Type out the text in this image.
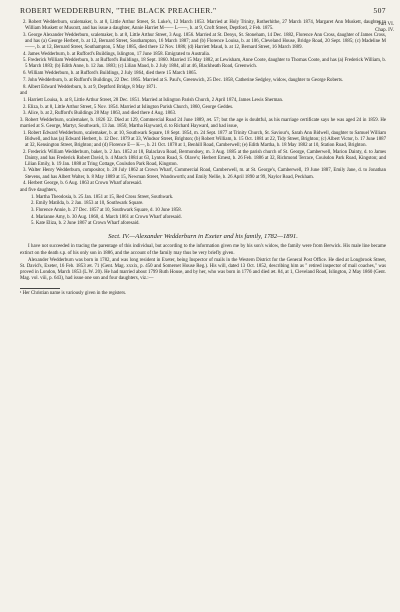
ROBERT WEDDERBURN, "THE BLACK PREACHER."	507
Part VI.
Chap. IV.

2. Robert Wedderburn, scalemaker, b. at 8, Little Arthur Street, St. Luke's, 12 March 1853. Married at Holy Trinity, Rotherhithe, 27 March 1874, Margaret Ann Muskett, daughter to William Muskett or Muscutt, and has issue a daughter, Annie Harriet M—— L——, b. at 9, Croft Street, Deptford, 2 Feb. 1875.

3. George Alexander Wedderburn, scalemaker, b. at 8, Little Arthur Street, 3 Aug. 1856. Married at St. Denys, St. Stoneham, 14 Dec. 1882, Florence Ann Cross, daughter of James Cross, and has (a) George Herbert, b. at 12, Bernard Street, Southampton, 16 March 1887; and (b) Florence Louisa, b. at 106, Cleveland House, Bridge Road, 20 Sept. 1885; (c) Madeline M——, b. at 12, Bernard Street, Southampton, 5 May 1885, died there 12 Nov. 1886; (d) Harriett Maud, b. at 12, Bernard Street, 16 March 1889.

4. James Wedderburn, b. at Rufford's Buildings, Islington, 17 June 1858. Emigrated to Australia.

5. Frederick William Wedderburn, b. at Rufford's Buildings, 18 Sept. 1860. Married 15 May 1882, at Lewisham, Anne Coote, daughter to Thomas Coote, and has (a) Frederick William, b. 5 March 1883; (b) Edith Anne, b. 12 Jan. 1883; (c) Lilian Maud, b. 2 July 1884, all at 46, Blackheath Road, Greenwich.

6. William Wedderburn, b. at Rufford's Buildings, 2 July 1864, died there 15 March 1865.

7. John Wedderburn, b. at Rufford's Buildings, 22 Dec. 1865. Married at S. Paul's, Greenwich, 25 Dec. 1858, Catherine Sedgley, widow, daughter to George Roberts.

8. Albert Edward Wedderburn, b. at 9, Deptford Bridge, 8 May 1871.

and

1. Harriett Louisa, b. at 8, Little Arthur Street, 28 Dec. 1851. Married at Islington Parish Church, 2 April 1874, James Lewis Sherman.

2. Eliza, b. at 8, Little Arthur Street, 5 Nov. 1854. Married at Islington Parish Church, 1860, George Geddes.

3. Alice, b. at 2, Rufford's Buildings 28 May 1863, and died there 4 Aug. 1863.

3. Robert Wedderburn, scalemaker, b. 1826 32. Died at 129, Commercial Road 24 June 1889, æt. 57; but the age is doubtful, as his marriage certificate says he was aged 24 in 1859. He married at S. George, Martyr, Southwark, 13 Jan. 1850, Martha Hayward, d. to Richard Hayward, and had issue,

1. Robert Edward Wedderburn, scalemaker, b. at 10, Southwark Square, 18 Sept. 1854, m. 24 Sept. 1877 at Trinity Church, St. Saviour's, Sarah Ann Bidwell, daughter to Samuel William Bidwell, and has (a) Edward Herbert, b. 12 Dec. 1879 at 33, Windsor Street, Brighton; (b) Robert William, b. 15 Oct. 1881 at 22, Tidy Street, Brighton; (c) Albert Victor, b. 17 June 1887 at 32, Kensington Street, Brighton; and (d) Florence E— K—, b. 21 Oct. 1878 at 1, Benhill Road, Camberwell; (e) Edith Martha, b. 18 May 1882 at 10, Station Road, Brighton.

2. Frederick William Wedderburn, baker, b. 2 Jan. 1852 at 18, Balaclava Road, Bermondsey, m. 3 Aug. 1885 at the parish church of St. George, Camberwell, Marion Dainty, d. to James Dainty, and has Frederick Robert David, b. 4 March 1884 at 63, Lynton Road, S. Olave's; Herbert Ernest, b. 26 Feb. 1886 at 32, Richmond Terrace, Coulsdon Park Road, Kingston; and Lilian Emily, b. 19 Jan. 1888 at Tring Cottage, Coulsdon Park Road, Kingston.

3. Walter Henry Wedderburn, compositor, b. 28 July 1862 at Crown Wharf, Commercial Road, Camberwell, m. at St. George's, Camberwell, 19 June 1887, Emily Jane, d. to Jonathan Stevens, and has Albert Walter, b. 8 May 1889 at 15, Newman Street, Wandsworth; and Emily Nellie, b. 26 April 1890 at 99, Naylor Road, Peckham.

4. Herbert George, b. 6 Aug. 1863 at Crown Wharf aforesaid.

and five daughters,

1. Martha Theodosia, b. 25 Jan. 1851 at 15, Red Cross Street, Southwark.

2. Emily Matilda, b. 2 Jan. 1853 at 10, Southwark Square.

3. Florence Annie, b. 27 Dec. 1857 at 10, Southwark Square, d. 10 June 1858.

4. Marianne Amy, b. 30 Aug. 1860, d. March 1861 at Crown Wharf aforesaid.

5. Kate Eliza, b. 2 June 1867 at Crown Wharf aforesaid.

Sect. IV.—Alexander Wedderburn in Exeter and his family, 1782—1891.

I have not succeeded in tracing the parentage of this individual, but according to the information given me by his son's widow, the family were from Berwick. His male line became extinct on the death s.p. of his only son in 1886, and the account of the family may thus be very briefly given.

Alexander Wedderburn was born in 1782, and was long resident in Exeter, being Inspector of mails in the Western District for the General Post Office. He died at Longbrook Street, St. David's, Exeter, 16 Feb. 1853 æt. 71 (Gent. Mag. xxxix, p. 450 and Somerset House Reg.). His will, dated 13 Oct. 1852, describing him as " retired inspector of mail coaches," was proved in London, March 1853 (L.W. 20). He had married about 1799 Ruth House, and by her, who was born in 1776 and died æt. 84, at 1, Cleveland Road, Islington, 2 May 1860 (Gent. Mag. vol. viii, p. 643), had issue one son and four daughters, viz.:—

¹ Her Christian name is variously given in the registers.
